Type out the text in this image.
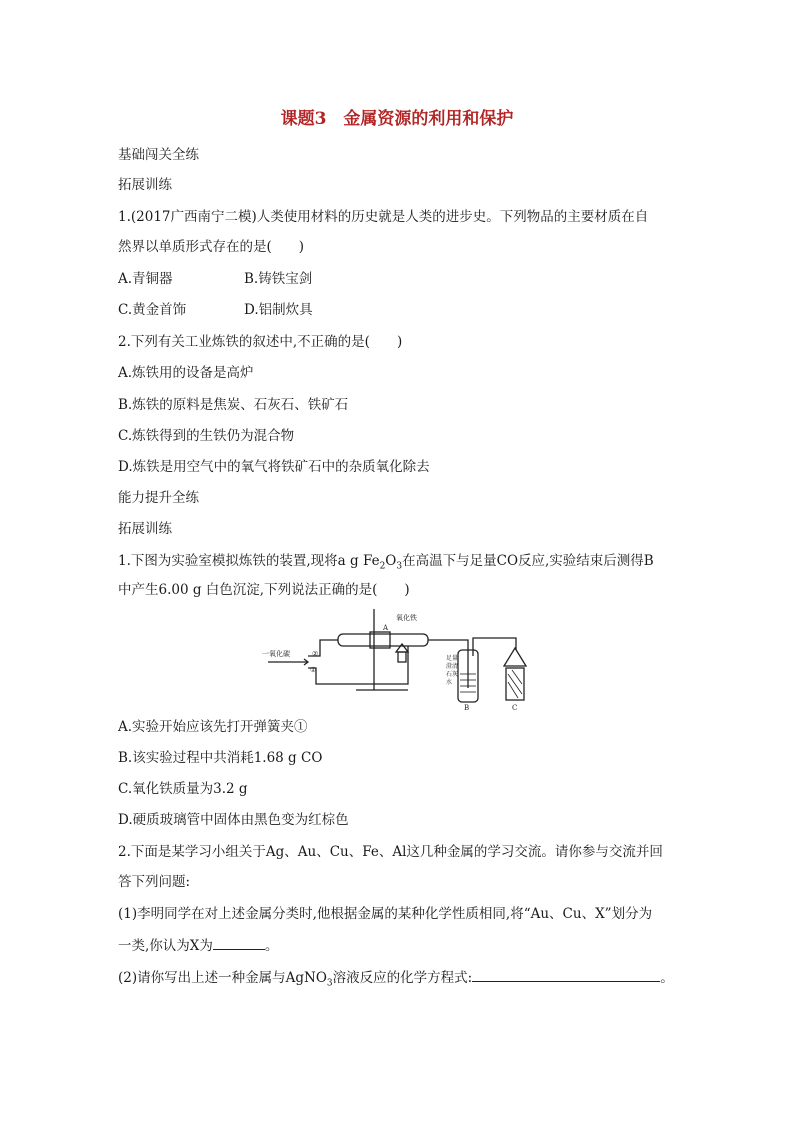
课题3　金属资源的利用和保护
基础闯关全练
拓展训练
1.(2017广西南宁二模)人类使用材料的历史就是人类的进步史。下列物品的主要材质在自
然界以单质形式存在的是(　　)
A.青铜器	B.铸铁宝剑
C.黄金首饰	D.铝制炊具
2.下列有关工业炼铁的叙述中,不正确的是(　　)
A.炼铁用的设备是高炉
B.炼铁的原料是焦炭、石灰石、铁矿石
C.炼铁得到的生铁仍为混合物
D.炼铁是用空气中的氧气将铁矿石中的杂质氧化除去
能力提升全练
拓展训练
1.下图为实验室模拟炼铁的装置,现将a g $Fe_2O_3$在高温下与足量CO反应,实验结束后测得B
中产生6.00 g 白色沉淀,下列说法正确的是(　　)
一氧化碳
氧化铁
A
②
①
B	C
足 量
澄 清
石 灰
水
A.实验开始应该先打开弹簧夹①
B.该实验过程中共消耗1.68 g CO
C.氧化铁质量为3.2 g
D.硬质玻璃管中固体由黑色变为红棕色
2.下面是某学习小组关于Ag、Au、Cu、Fe、Al这几种金属的学习交流。请你参与交流并回
答下列问题:
(1)李明同学在对上述金属分类时,他根据金属的某种化学性质相同,将“Au、Cu、X”划分为
一类,你认为X为	。
(2)请你写出上述一种金属与AgNO$_3$溶液反应的化学方程式:	。
